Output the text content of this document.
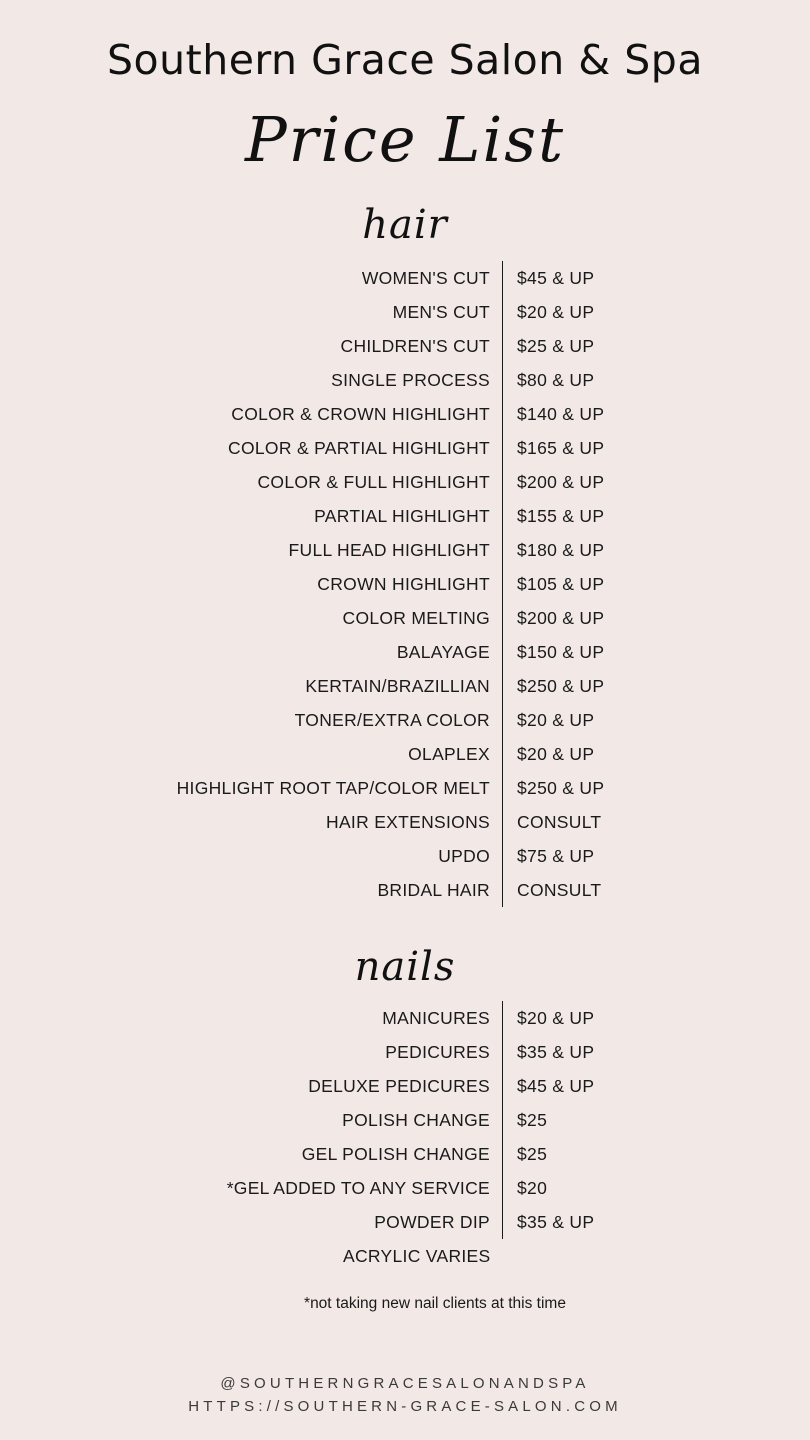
Southern Grace Salon & Spa
Price List
hair
WOMEN'S CUT	$45 & UP
MEN'S CUT	$20 & UP
CHILDREN'S CUT	$25 & UP
SINGLE PROCESS	$80 & UP
COLOR & CROWN HIGHLIGHT	$140 & UP
COLOR & PARTIAL HIGHLIGHT	$165 & UP
COLOR & FULL HIGHLIGHT	$200 & UP
PARTIAL HIGHLIGHT	$155 & UP
FULL HEAD HIGHLIGHT	$180 & UP
CROWN HIGHLIGHT	$105 & UP
COLOR MELTING	$200 & UP
BALAYAGE	$150 & UP
KERTAIN/BRAZILLIAN	$250 & UP
TONER/EXTRA COLOR	$20 & UP
OLAPLEX	$20 & UP
HIGHLIGHT ROOT TAP/COLOR MELT	$250 & UP
HAIR EXTENSIONS	CONSULT
UPDO	$75 & UP
BRIDAL HAIR	CONSULT
nails
MANICURES	$20 & UP
PEDICURES	$35 & UP
DELUXE PEDICURES	$45 & UP
POLISH CHANGE	$25
GEL POLISH CHANGE	$25
*GEL ADDED TO ANY SERVICE	$20
POWDER DIP	$35 & UP
ACRYLIC VARIES	
*not taking new nail clients at this time
@SOUTHERNGRACESALONANDSPA
HTTPS://SOUTHERN-GRACE-SALON.COM
